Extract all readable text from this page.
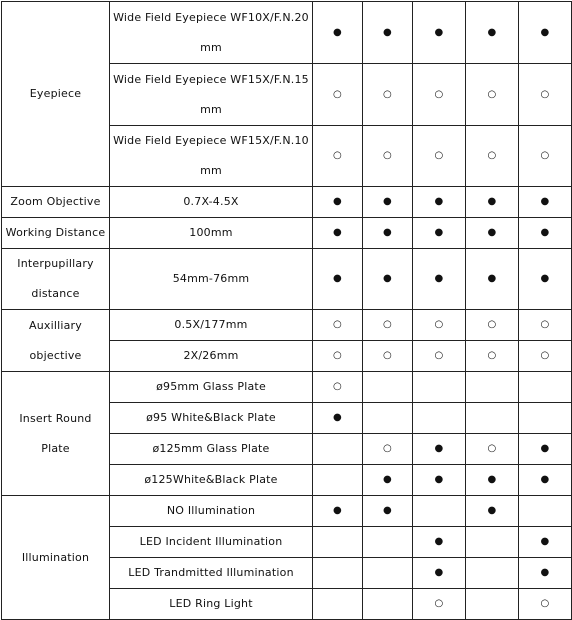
Eyepiece	Wide Field Eyepiece WF10X/F.N.20mm	●	●	●	●	●
	Wide Field Eyepiece WF15X/F.N.15mm	○	○	○	○	○
	Wide Field Eyepiece WF15X/F.N.10mm	○	○	○	○	○
Zoom Objective	0.7X-4.5X	●	●	●	●	●
Working Distance	100mm	●	●	●	●	●
Interpupillary distance	54mm-76mm	●	●	●	●	●
Auxilliary objective	0.5X/177mm	○	○	○	○	○
	2X/26mm	○	○	○	○	○
Insert Round Plate	ø95mm Glass Plate	○				
	ø95 White&Black Plate	●				
	ø125mm Glass Plate		○	●	○	●
	ø125White&Black Plate		●	●	●	●
Illumination	NO Illumination	●	●		●	
	LED Incident Illumination			●		●
	LED Trandmitted Illumination			●		●
	LED Ring Light			○		○
